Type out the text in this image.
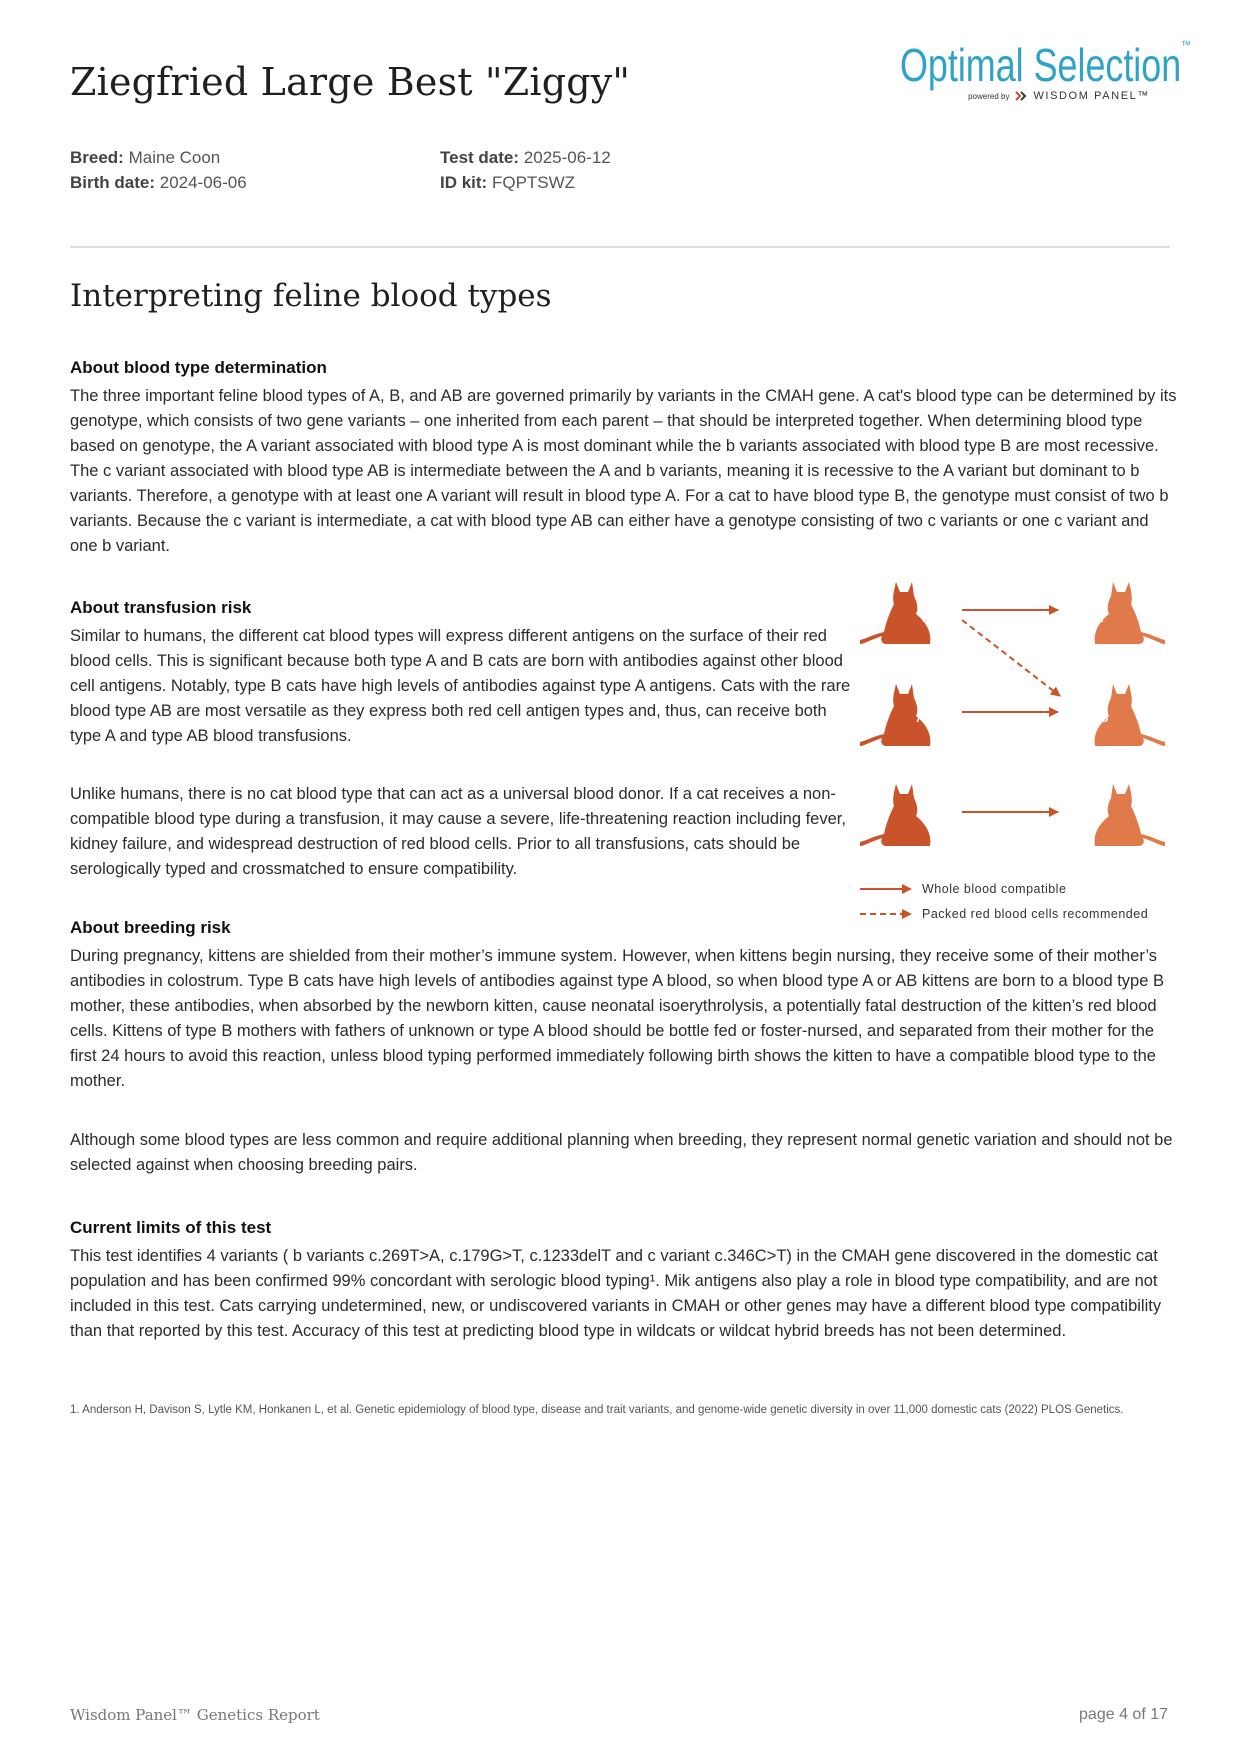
Ziegfried Large Best "Ziggy"	Optimal Selection™
powered by WISDOM PANEL™
Breed: Maine Coon
Birth date: 2024-06-06
Test date: 2025-06-12
ID kit: FQPTSWZ
Interpreting feline blood types
About blood type determination

The three important feline blood types of A, B, and AB are governed primarily by variants in the CMAH gene. A cat's blood type can be determined by its genotype, which consists of two gene variants – one inherited from each parent – that should be interpreted together. When determining blood type based on genotype, the A variant associated with blood type A is most dominant while the b variants associated with blood type B are most recessive. The c variant associated with blood type AB is intermediate between the A and b variants, meaning it is recessive to the A variant but dominant to b variants. Therefore, a genotype with at least one A variant will result in blood type A. For a cat to have blood type B, the genotype must consist of two b variants. Because the c variant is intermediate, a cat with blood type AB can either have a genotype consisting of two c variants or one c variant and one b variant.

About transfusion risk

Similar to humans, the different cat blood types will express different antigens on the surface of their red blood cells. This is significant because both type A and B cats are born with antibodies against other blood cell antigens. Notably, type B cats have high levels of antibodies against type A antigens. Cats with the rare blood type AB are most versatile as they express both red cell antigen types and, thus, can receive both type A and type AB blood transfusions.

Unlike humans, there is no cat blood type that can act as a universal blood donor. If a cat receives a non-compatible blood type during a transfusion, it may cause a severe, life-threatening reaction including fever, kidney failure, and widespread destruction of red blood cells. Prior to all transfusions, cats should be serologically typed and crossmatched to ensure compatibility.

A
AB
B
A
AB
B
Whole blood compatible
Packed red blood cells recommended
About breeding risk

During pregnancy, kittens are shielded from their mother’s immune system. However, when kittens begin nursing, they receive some of their mother’s antibodies in colostrum. Type B cats have high levels of antibodies against type A blood, so when blood type A or AB kittens are born to a blood type B mother, these antibodies, when absorbed by the newborn kitten, cause neonatal isoerythrolysis, a potentially fatal destruction of the kitten’s red blood cells. Kittens of type B mothers with fathers of unknown or type A blood should be bottle fed or foster-nursed, and separated from their mother for the first 24 hours to avoid this reaction, unless blood typing performed immediately following birth shows the kitten to have a compatible blood type to the mother.

Although some blood types are less common and require additional planning when breeding, they represent normal genetic variation and should not be selected against when choosing breeding pairs.

Current limits of this test

This test identifies 4 variants ( b variants c.269T>A, c.179G>T, c.1233delT and c variant c.346C>T) in the CMAH gene discovered in the domestic cat population and has been confirmed 99% concordant with serologic blood typing¹. Mik antigens also play a role in blood type compatibility, and are not included in this test. Cats carrying undetermined, new, or undiscovered variants in CMAH or other genes may have a different blood type compatibility than that reported by this test. Accuracy of this test at predicting blood type in wildcats or wildcat hybrid breeds has not been determined.

1. Anderson H, Davison S, Lytle KM, Honkanen L, et al. Genetic epidemiology of blood type, disease and trait variants, and genome-wide genetic diversity in over 11,000 domestic cats (2022) PLOS Genetics.

Wisdom Panel™ Genetics Report	page 4 of 17
